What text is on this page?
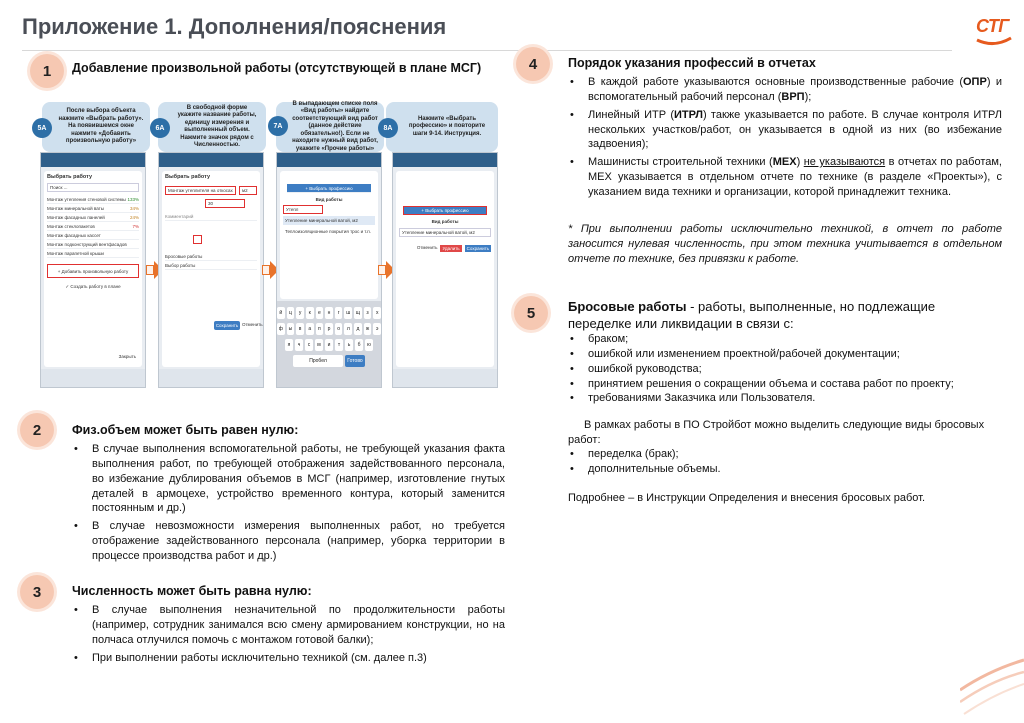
Приложение 1. Дополнения/пояснения	СТГ
1	Добавление произвольной работы (отсутствующей в плане МСГ)
После выбора объекта нажмите «Выбрать работу». На появившемся окне нажмите «Добавить произвольную работу»
5A
В свободной форме укажите название работы, единицу измерения и выполненный объем. Нажмите значок рядом с Численностью.
6A
В выпадающем списке поля «Вид работы» найдите соответствующий вид работ (данное действие обязательно!). Если не находите нужный вид работ, укажите «Прочие работы»
7A
Нажмите «Выбрать профессию» и повторите шаги 9-14. Инструкция.
8A
Выбрать работу
Поиск ...
Монтаж утепления стеновой системы 133%
Монтаж минеральной ваты	34%
Монтаж фасадных панелей	24%
Монтаж стеклопакетов	7%
Монтаж фасадных кассет
Монтаж подконструкций вентфасадов
Монтаж парапетной крыши
+ Добавить произвольную работу
✓ Создать работу в плане
Закрыть
Выбрать работу
Монтаж утеплителя на откосах м2
30
Комментарий
Бросовые работы
Выбор работы
Сохранить Отменить
+ Выбрать профессию
Вид работы
Утепл
Утепление минеральной ватой, м2
Теплоизоляционные покрытия трос и т.п.
й	ц	у	к	е	н	г	ш	щ	з	х
ф	ы	в	а	п	р	о	л	д	ж	э
я	ч	с	м	и	т	ь	б	ю
Пробел	Готово
+ Выбрать профессию
Вид работы
Утепление минеральной ватой, м2
Отменить	Удалить	Сохранить
2	Физ.объем может быть равен нулю:
• В случае выполнения вспомогательной работы, не требующей указания факта выполнения работ, по требующей отображения задействованного персонала, во избежание дублирования объемов в МСГ (например, изготовление гнутых деталей в армоцехе, устройство временного контура, который заменится постоянным и др.)
• В случае невозможности измерения выполненных работ, но требуется отображение задействованного персонала (например, уборка территории в процессе производства работ и др.)
3	Численность может быть равна нулю:
• В случае выполнения незначительной по продолжительности работы (например, сотрудник занимался всю смену армированием конструкции, но на полчаса отлучился помочь с монтажом готовой балки);
• При выполнении работы исключительно техникой (см. далее п.3)
4	Порядок указания профессий в отчетах
• В каждой работе указываются основные производственные рабочие (ОПР) и вспомогательный рабочий персонал (ВРП);
• Линейный ИТР (ИТРЛ) также указывается по работе. В случае контроля ИТРЛ нескольких участков/работ, он указывается в одной из них (во избежание задвоения);
• Машинисты строительной техники (МЕХ) не указываются в отчетах по работам, МЕХ указывается в отдельном отчете по технике (в разделе «Проекты»), с указанием вида техники и организации, которой принадлежит техника.
* При выполнении работы исключительно техникой, в отчет по работе заносится нулевая численность, при этом техника учитывается в отдельном отчете по технике, без привязки к работе.
5	Бросовые работы - работы, выполненные, но подлежащие переделке или ликвидации в связи с:
• браком;
• ошибкой или изменением проектной/рабочей документации;
• ошибкой руководства;
• принятием решения о сокращении объема и состава работ по проекту;
• требованиями Заказчика или Пользователя.
В рамках работы в ПО Стройбот можно выделить следующие виды бросовых работ:
• переделка (брак);
• дополнительные объемы.
Подробнее – в Инструкции Определения и внесения бросовых работ.
